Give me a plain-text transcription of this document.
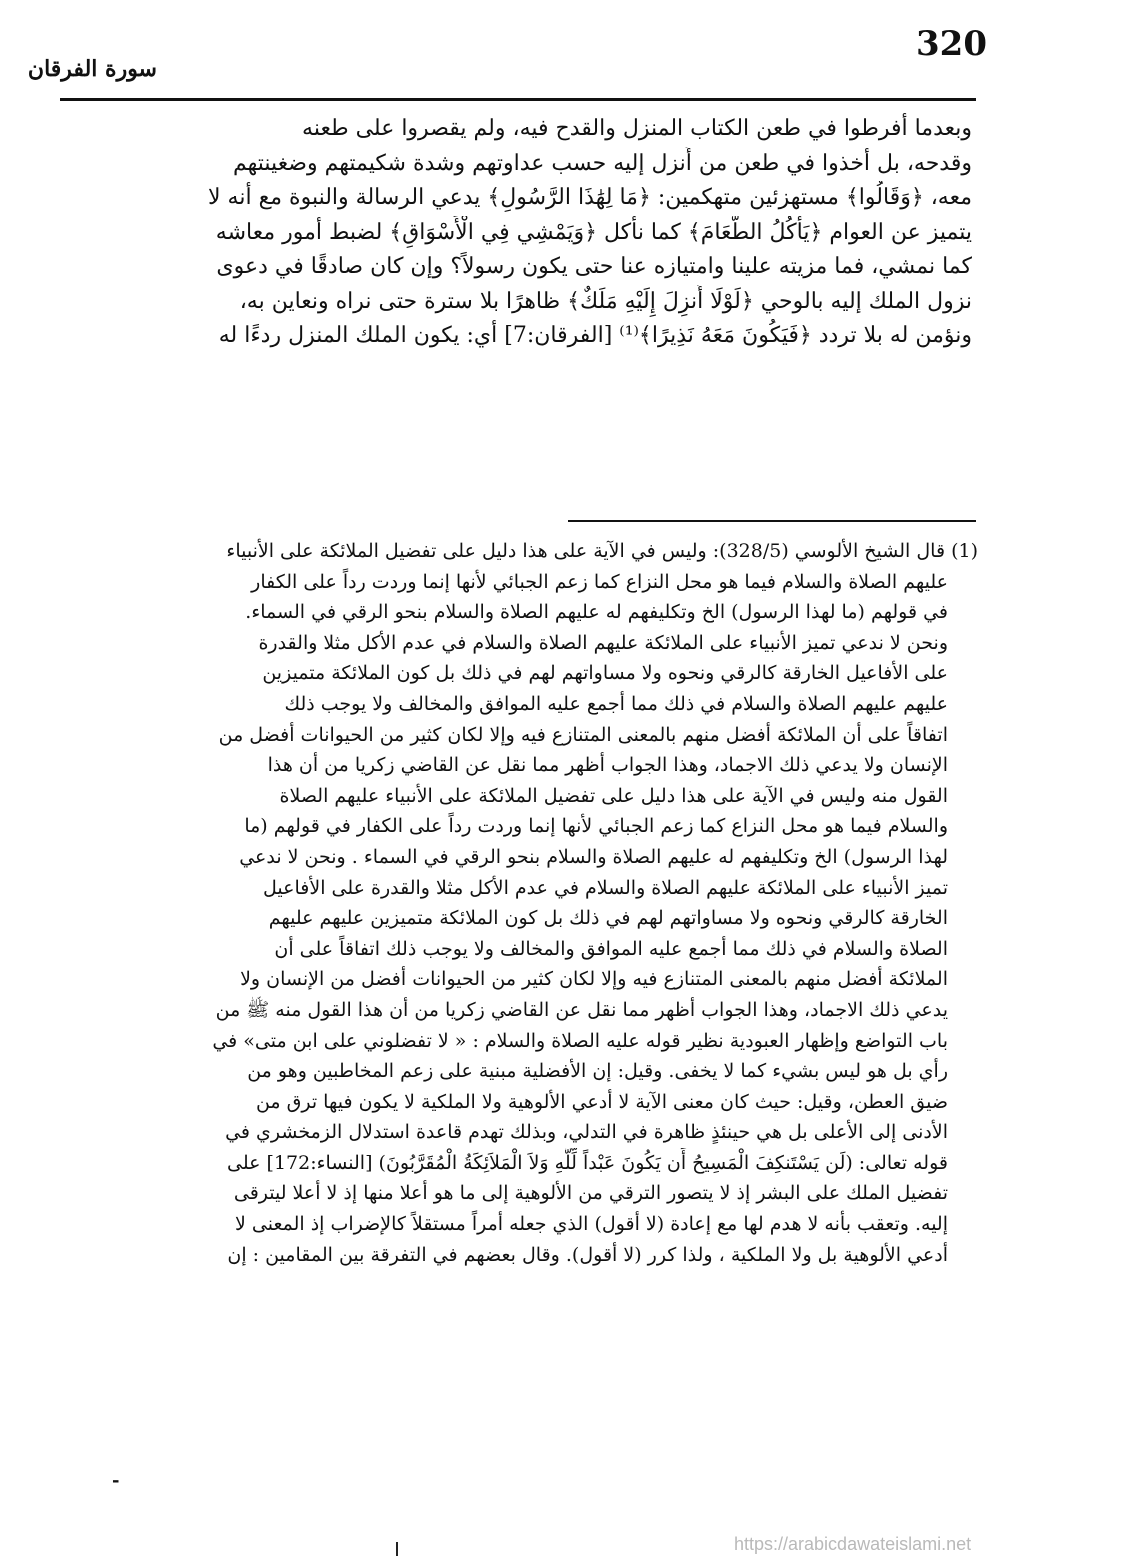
320
سورة الفرقان
وبعدما أفرطوا في طعن الكتاب المنزل والقدح فيه، ولم يقصروا على طعنه
وقدحه، بل أخذوا في طعن من أُنزل إليه حسب عداوتهم وشدة شكيمتهم وضغينتهم
معه، ﴿وَقَالُوا﴾ مستهزئين متهكمين: ﴿مَا لِهَٰذَا الرَّسُولِ﴾ يدعي الرسالة والنبوة مع أنه لا
يتميز عن العوام ﴿يَأْكُلُ الطَّعَامَ﴾ كما نأكل ﴿وَيَمْشِي فِي الْأَسْوَاقِ﴾ لضبط أمور معاشه
كما نمشي، فما مزيته علينا وامتيازه عنا حتى يكون رسولاً؟ وإن كان صادقًا في دعوى
نزول الملك إليه بالوحي ﴿لَوْلَا أُنزِلَ إِلَيْهِ مَلَكٌ﴾ ظاهرًا بلا سترة حتى نراه ونعاين به،
ونؤمن له بلا تردد ﴿فَيَكُونَ مَعَهُ نَذِيرًا﴾⁽¹⁾ [الفرقان:7] أي: يكون الملك المنزل ردءًا له
(1) قال الشيخ الألوسي (328/5): وليس في الآية على هذا دليل على تفضيل الملائكة على الأنبياء
عليهم الصلاة والسلام فيما هو محل النزاع كما زعم الجبائي لأنها إنما وردت رداً على الكفار
في قولهم (ما لهذا الرسول) الخ وتكليفهم له عليهم الصلاة والسلام بنحو الرقي في السماء.
ونحن لا ندعي تميز الأنبياء على الملائكة عليهم الصلاة والسلام في عدم الأكل مثلا والقدرة
على الأفاعيل الخارقة كالرقي ونحوه ولا مساواتهم لهم في ذلك بل كون الملائكة متميزين
عليهم عليهم الصلاة والسلام في ذلك مما أجمع عليه الموافق والمخالف ولا يوجب ذلك
اتفاقاً على أن الملائكة أفضل منهم بالمعنى المتنازع فيه وإلا لكان كثير من الحيوانات أفضل من
الإنسان ولا يدعي ذلك الاجماد، وهذا الجواب أظهر مما نقل عن القاضي زكريا من أن هذا
القول منه وليس في الآية على هذا دليل على تفضيل الملائكة على الأنبياء عليهم الصلاة
والسلام فيما هو محل النزاع كما زعم الجبائي لأنها إنما وردت رداً على الكفار في قولهم (ما
لهذا الرسول) الخ وتكليفهم له عليهم الصلاة والسلام بنحو الرقي في السماء . ونحن لا ندعي
تميز الأنبياء على الملائكة عليهم الصلاة والسلام في عدم الأكل مثلا والقدرة على الأفاعيل
الخارقة كالرقي ونحوه ولا مساواتهم لهم في ذلك بل كون الملائكة متميزين عليهم عليهم
الصلاة والسلام في ذلك مما أجمع عليه الموافق والمخالف ولا يوجب ذلك اتفاقاً على أن
الملائكة أفضل منهم بالمعنى المتنازع فيه وإلا لكان كثير من الحيوانات أفضل من الإنسان ولا
يدعي ذلك الاجماد، وهذا الجواب أظهر مما نقل عن القاضي زكريا من أن هذا القول منه ﷺ من
باب التواضع وإظهار العبودية نظير قوله عليه الصلاة والسلام : « لا تفضلوني على ابن متى» في
رأي بل هو ليس بشيء كما لا يخفى. وقيل: إن الأفضلية مبنية على زعم المخاطبين وهو من
ضيق العطن، وقيل: حيث كان معنى الآية لا أدعي الألوهية ولا الملكية لا يكون فيها ترق من
الأدنى إلى الأعلى بل هي حينئذٍ ظاهرة في التدلي، وبذلك تهدم قاعدة استدلال الزمخشري في
قوله تعالى: (لَن يَسْتَنكِفَ الْمَسِيحُ أَن يَكُونَ عَبْداً لِّلَّهِ وَلاَ الْمَلاَئِكَةُ الْمُقَرَّبُونَ) [النساء:172] على
تفضيل الملك على البشر إذ لا يتصور الترقي من الألوهية إلى ما هو أعلا منها إذ لا أعلا ليترقى
إليه. وتعقب بأنه لا هدم لها مع إعادة (لا أقول) الذي جعله أمراً مستقلاً كالإضراب إذ المعنى لا
أدعي الألوهية بل ولا الملكية ، ولذا كرر (لا أقول). وقال بعضهم في التفرقة بين المقامين : إن
-
https://arabicdawateislami.net
